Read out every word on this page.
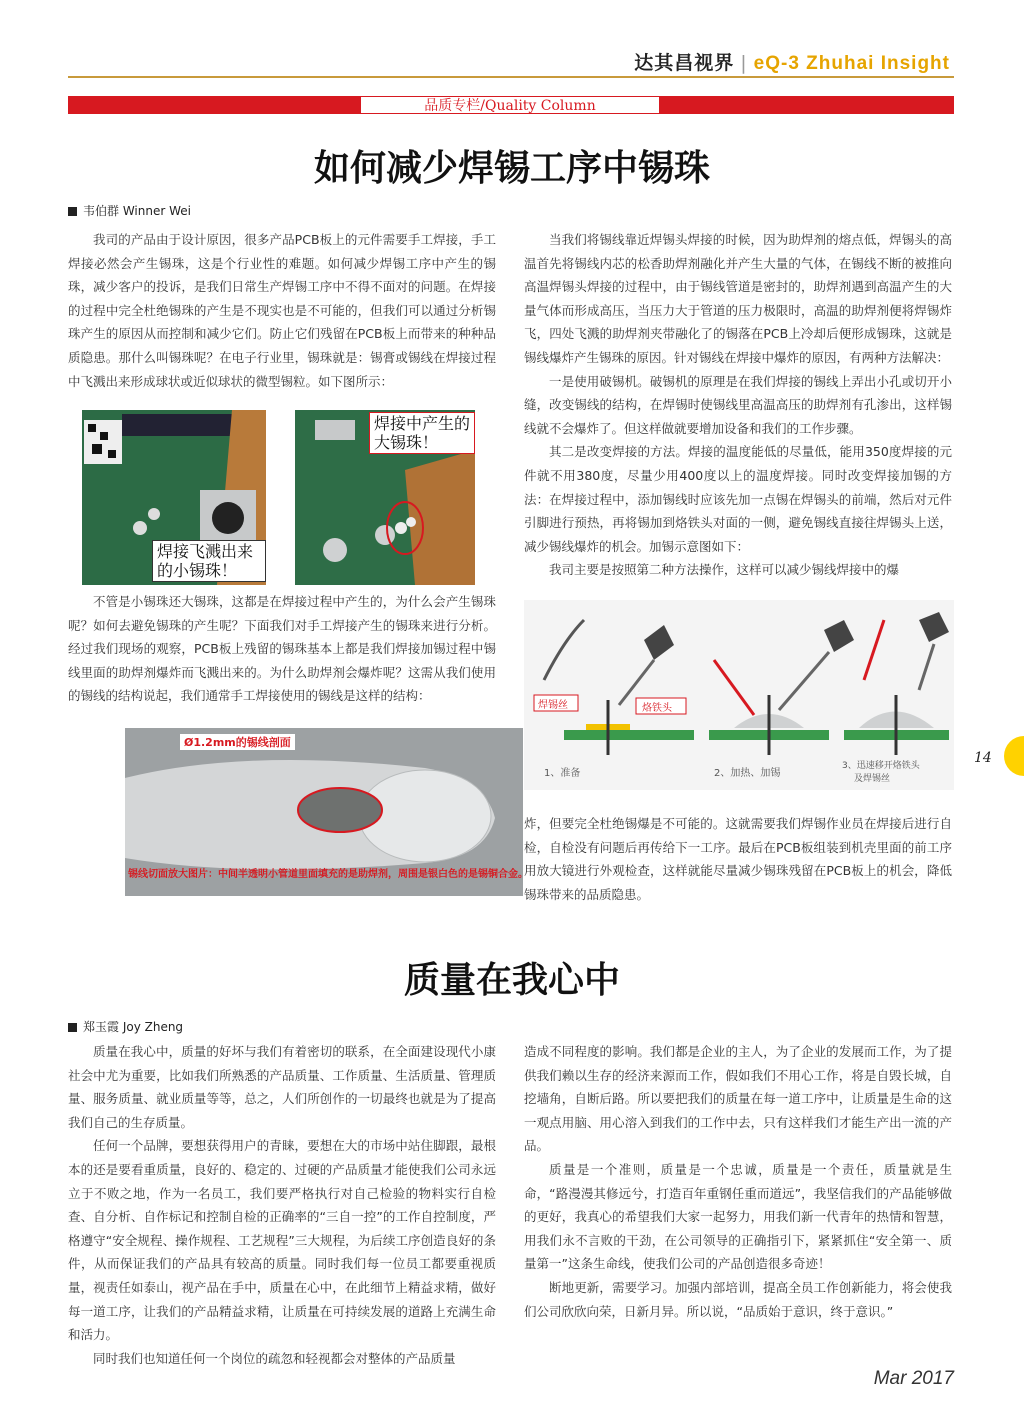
达其昌视界 | eQ-3 Zhuhai Insight
品质专栏/Quality Column
如何减少焊锡工序中锡珠
韦伯群 Winner Wei

我司的产品由于设计原因，很多产品PCB板上的元件需要手工焊接，手工焊接必然会产生锡珠，这是个行业性的难题。如何减少焊锡工序中产生的锡珠，减少客户的投诉，是我们日常生产焊锡工序中不得不面对的问题。在焊接的过程中完全杜绝锡珠的产生是不现实也是不可能的，但我们可以通过分析锡珠产生的原因从而控制和减少它们。防止它们残留在PCB板上而带来的种种品质隐患。那什么叫锡珠呢？在电子行业里，锡珠就是：锡膏或锡线在焊接过程中飞溅出来形成球状或近似球状的微型锡粒。如下图所示：

焊接飞溅出来的小锡珠！
焊接中产生的大锡珠！

不管是小锡珠还大锡珠，这都是在焊接过程中产生的，为什么会产生锡珠呢？如何去避免锡珠的产生呢？下面我们对手工焊接产生的锡珠来进行分析。经过我们现场的观察，PCB板上残留的锡珠基本上都是我们焊接加锡过程中锡线里面的助焊剂爆炸而飞溅出来的。为什么助焊剂会爆炸呢？这需从我们使用的锡线的结构说起，我们通常手工焊接使用的锡线是这样的结构：

Ø1.2mm的锡线剖面
锡线切面放大图片：中间半透明小管道里面填充的是助焊剂，周围是银白色的是锡铜合金。

当我们将锡线靠近焊锡头焊接的时候，因为助焊剂的熔点低，焊锡头的高温首先将锡线内芯的松香助焊剂融化并产生大量的气体，在锡线不断的被推向高温焊锡头焊接的过程中，由于锡线管道是密封的，助焊剂遇到高温产生的大量气体而形成高压，当压力大于管道的压力极限时，高温的助焊剂便将焊锡炸飞，四处飞溅的助焊剂夹带融化了的锡落在PCB上冷却后便形成锡珠，这就是锡线爆炸产生锡珠的原因。针对锡线在焊接中爆炸的原因，有两种方法解决：

一是使用破锡机。破锡机的原理是在我们焊接的锡线上弄出小孔或切开小缝，改变锡线的结构，在焊锡时使锡线里高温高压的助焊剂有孔渗出，这样锡线就不会爆炸了。但这样做就要增加设备和我们的工作步骤。

其二是改变焊接的方法。焊接的温度能低的尽量低，能用350度焊接的元件就不用380度，尽量少用400度以上的温度焊接。同时改变焊接加锡的方法：在焊接过程中，添加锡线时应该先加一点锡在焊锡头的前端，然后对元件引脚进行预热，再将锡加到烙铁头对面的一侧，避免锡线直接往焊锡头上送，减少锡线爆炸的机会。加锡示意图如下：

我司主要是按照第二种方法操作，这样可以减少锡线焊接中的爆

焊锡丝	烙铁头
1、准备	2、加热、加锡
3、迅速移开烙铁头
及焊锡丝

炸，但要完全杜绝锡爆是不可能的。这就需要我们焊锡作业员在焊接后进行自检，自检没有问题后再传给下一工序。最后在PCB板组装到机壳里面的前工序用放大镜进行外观检查，这样就能尽量减少锡珠残留在PCB板上的机会，降低锡珠带来的品质隐患。

14
质量在我心中
郑玉霞 Joy Zheng

质量在我心中，质量的好坏与我们有着密切的联系，在全面建设现代小康社会中尤为重要，比如我们所熟悉的产品质量、工作质量、生活质量、管理质量、服务质量、就业质量等等，总之，人们所创作的一切最终也就是为了提高我们自己的生存质量。

任何一个品牌，要想获得用户的青睐，要想在大的市场中站住脚跟，最根本的还是要看重质量，良好的、稳定的、过硬的产品质量才能使我们公司永远立于不败之地，作为一名员工，我们要严格执行对自己检验的物料实行自检查、自分析、自作标记和控制自检的正确率的“三自一控”的工作自控制度，严格遵守“安全规程、操作规程、工艺规程”三大规程，为后续工序创造良好的条件，从而保证我们的产品具有较高的质量。同时我们每一位员工都要重视质量，视责任如泰山，视产品在手中，质量在心中，在此细节上精益求精，做好每一道工序，让我们的产品精益求精，让质量在可持续发展的道路上充满生命和活力。

同时我们也知道任何一个岗位的疏忽和轻视都会对整体的产品质量

造成不同程度的影响。我们都是企业的主人，为了企业的发展而工作，为了提供我们赖以生存的经济来源而工作，假如我们不用心工作，将是自毁长城，自挖墙角，自断后路。所以要把我们的质量在每一道工序中，让质量是生命的这一观点用脑、用心溶入到我们的工作中去，只有这样我们才能生产出一流的产品。

质量是一个准则，质量是一个忠诚，质量是一个责任，质量就是生命，“路漫漫其修远兮，打造百年重钢任重而道远”，我坚信我们的产品能够做的更好，我真心的希望我们大家一起努力，用我们新一代青年的热情和智慧，用我们永不言败的干劲，在公司领导的正确指引下，紧紧抓住“安全第一、质量第一”这条生命线，使我们公司的产品创造很多奇迹！

断地更新，需要学习。加强内部培训，提高全员工作创新能力，将会使我们公司欣欣向荣，日新月异。所以说，“品质始于意识，终于意识。”

Mar 2017
